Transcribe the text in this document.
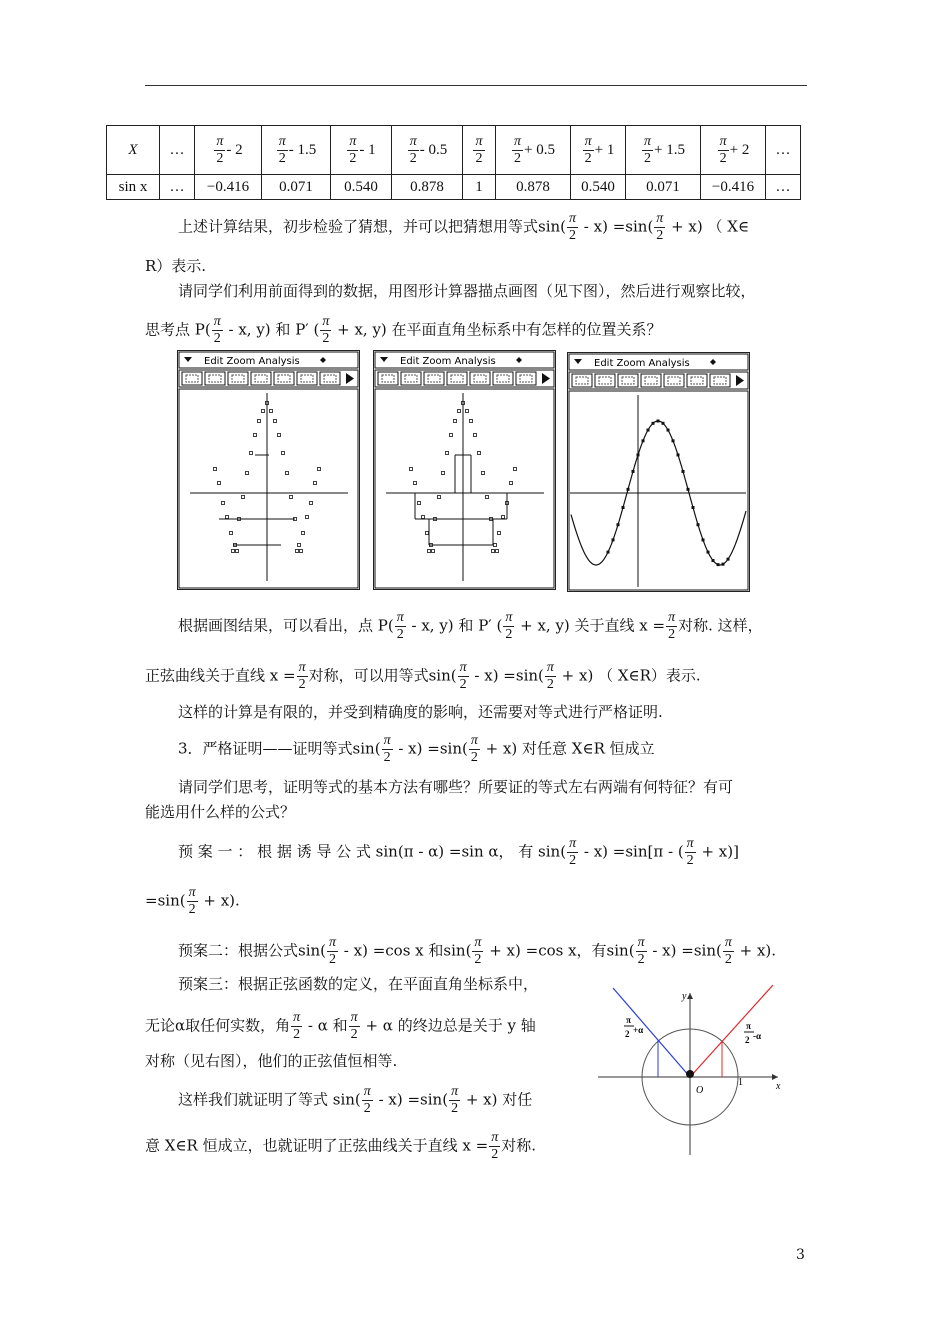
X	…	$\frac{\pi}{2} - 2$	$\frac{\pi}{2} - 1.5$	$\frac{\pi}{2} - 1$	$\frac{\pi}{2} - 0.5$	$\frac{\pi}{2}$	$\frac{\pi}{2} + 0.5$	$\frac{\pi}{2} + 1$	$\frac{\pi}{2} + 1.5$	$\frac{\pi}{2} + 2$	…
sin x	…	−0.416	0.071	0.540	0.878	1	0.878	0.540	0.071	−0.416	…
上述计算结果，初步检验了猜想，并可以把猜想用等式$\sin( \frac{\pi}{2} - x) =\sin( \frac{\pi}{2} + x)$ （ X∈
R）表示.
请同学们利用前面得到的数据，用图形计算器描点画图（见下图），然后进行观察比较，
思考点 $P( \frac{\pi}{2}$ - x, y) 和 P′ ( $\frac{\pi}{2} + x$, y) 在平面直角坐标系中有怎样的位置关系？
Edit Zoom Analysis	Edit Zoom Analysis	Edit Zoom Analysis
根据画图结果，可以看出，点 $P( \frac{\pi}{2}$ - x, y) 和 P′ ( $\frac{\pi}{2} + x$, y) 关于直线 $x = \frac{\pi}{2}$ 对称. 这样，
正弦曲线关于直线 $x = \frac{\pi}{2}$ 对称，可以用等式$\sin( \frac{\pi}{2} - x) =\sin( \frac{\pi}{2} + x)$ （ X∈R）表示.
这样的计算是有限的，并受到精确度的影响，还需要对等式进行严格证明.
3．严格证明——证明等式$\sin( \frac{\pi}{2} - x) =\sin( \frac{\pi}{2} + x)$ 对任意 X∈R 恒成立
请同学们思考，证明等式的基本方法有哪些？所要证的等式左右两端有何特征？有可
能选用什么样的公式？
预 案 一 ： 根 据 诱 导 公 式 sin(π - α) =sin α， 有 $\sin( \frac{\pi}{2} - x) =\sin[\pi$ - ( $\frac{\pi}{2} + x$)]
$=\sin( \frac{\pi}{2} + x)$.
预案二：根据公式$\sin( \frac{\pi}{2} - x) =\cos$ x 和$\sin( \frac{\pi}{2} + x) =\cos$ x，有$\sin( \frac{\pi}{2} - x) =\sin( \frac{\pi}{2} + x)$.
预案三：根据正弦函数的定义，在平面直角坐标系中，
无论α取任何实数，角 $\frac{\pi}{2}$ - α 和 $\frac{\pi}{2} + \alpha$ 的终边总是关于 y 轴
对称（见右图），他们的正弦值恒相等.
这样我们就证明了等式 $\sin( \frac{\pi}{2} - x) =\sin( \frac{\pi}{2} + x)$ 对任
意 X∈R 恒成立，也就证明了正弦曲线关于直线 $x = \frac{\pi}{2}$ 对称.
O
1	x
y
π
2 +α	π
2 -α
3
